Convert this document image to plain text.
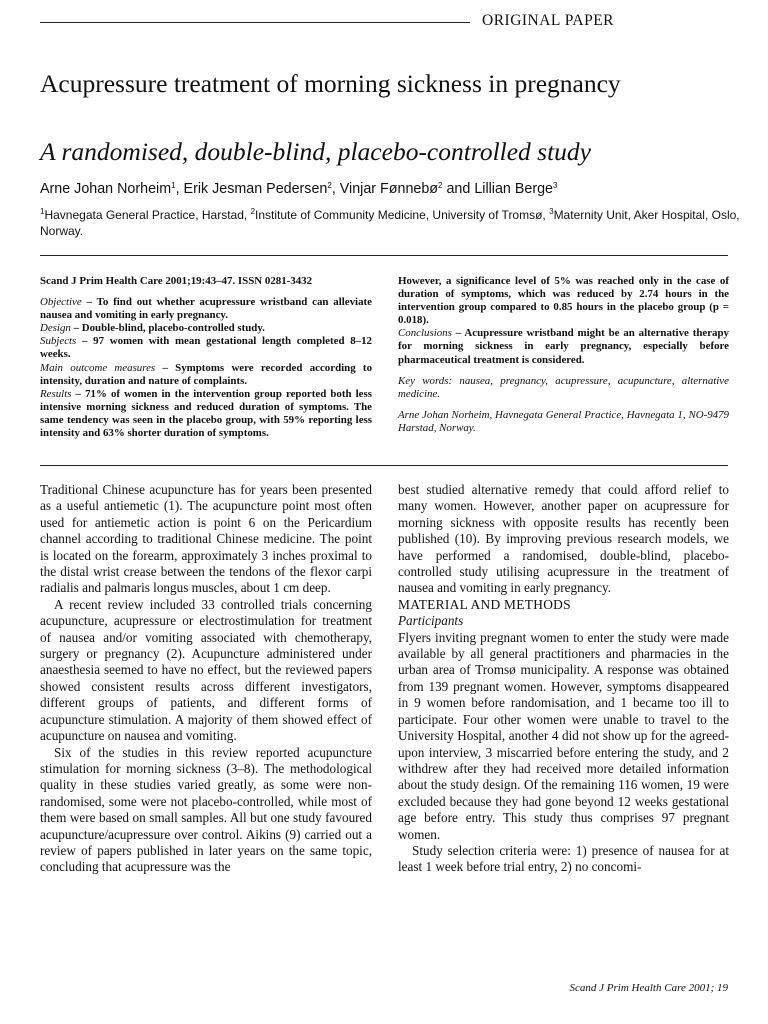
ORIGINAL PAPER
Acupressure treatment of morning sickness in pregnancy
A randomised, double-blind, placebo-controlled study
Arne Johan Norheim$^1$, Erik Jesman Pedersen$^2$, Vinjar Fønnebø$^2$ and Lillian Berge$^3$
$^1$Havnegata General Practice, Harstad, $^2$Institute of Community Medicine, University of Tromsø, $^3$Maternity Unit, Aker Hospital, Oslo, Norway.

Scand J Prim Health Care 2001;19:43–47. ISSN 0281-3432

Objective – To find out whether acupressure wristband can alleviate nausea and vomiting in early pregnancy.

Design – Double-blind, placebo-controlled study.

Subjects – 97 women with mean gestational length completed 8–12 weeks.

Main outcome measures – Symptoms were recorded according to intensity, duration and nature of complaints.

Results – 71% of women in the intervention group reported both less intensive morning sickness and reduced duration of symptoms. The same tendency was seen in the placebo group, with 59% reporting less intensity and 63% shorter duration of symptoms.

However, a significance level of 5% was reached only in the case of duration of symptoms, which was reduced by 2.74 hours in the intervention group compared to 0.85 hours in the placebo group (p = 0.018).

Conclusions – Acupressure wristband might be an alternative therapy for morning sickness in early pregnancy, especially before pharmaceutical treatment is considered.

Key words: nausea, pregnancy, acupressure, acupuncture, alternative medicine.

Arne Johan Norheim, Havnegata General Practice, Havnegata 1, NO-9479 Harstad, Norway.

Traditional Chinese acupuncture has for years been presented as a useful antiemetic (1). The acupuncture point most often used for antiemetic action is point 6 on the Pericardium channel according to traditional Chinese medicine. The point is located on the forearm, approximately 3 inches proximal to the distal wrist crease between the tendons of the flexor carpi radialis and palmaris longus muscles, about 1 cm deep.

A recent review included 33 controlled trials concerning acupuncture, acupressure or electrostimulation for treatment of nausea and/or vomiting associated with chemotherapy, surgery or pregnancy (2). Acupuncture administered under anaesthesia seemed to have no effect, but the reviewed papers showed consistent results across different investigators, different groups of patients, and different forms of acupuncture stimulation. A majority of them showed effect of acupuncture on nausea and vomiting.

Six of the studies in this review reported acupuncture stimulation for morning sickness (3–8). The methodological quality in these studies varied greatly, as some were non-randomised, some were not placebo-controlled, while most of them were based on small samples. All but one study favoured acupuncture/acupressure over control. Aikins (9) carried out a review of papers published in later years on the same topic, concluding that acupressure was the

best studied alternative remedy that could afford relief to many women. However, another paper on acupressure for morning sickness with opposite results has recently been published (10). By improving previous research models, we have performed a randomised, double-blind, placebo-controlled study utilising acupressure in the treatment of nausea and vomiting in early pregnancy.

MATERIAL AND METHODS

Participants

Flyers inviting pregnant women to enter the study were made available by all general practitioners and pharmacies in the urban area of Tromsø municipality. A response was obtained from 139 pregnant women. However, symptoms disappeared in 9 women before randomisation, and 1 became too ill to participate. Four other women were unable to travel to the University Hospital, another 4 did not show up for the agreed-upon interview, 3 miscarried before entering the study, and 2 withdrew after they had received more detailed information about the study design. Of the remaining 116 women, 19 were excluded because they had gone beyond 12 weeks gestational age before entry. This study thus comprises 97 pregnant women.

Study selection criteria were: 1) presence of nausea for at least 1 week before trial entry, 2) no concomi-

Scand J Prim Health Care 2001; 19
